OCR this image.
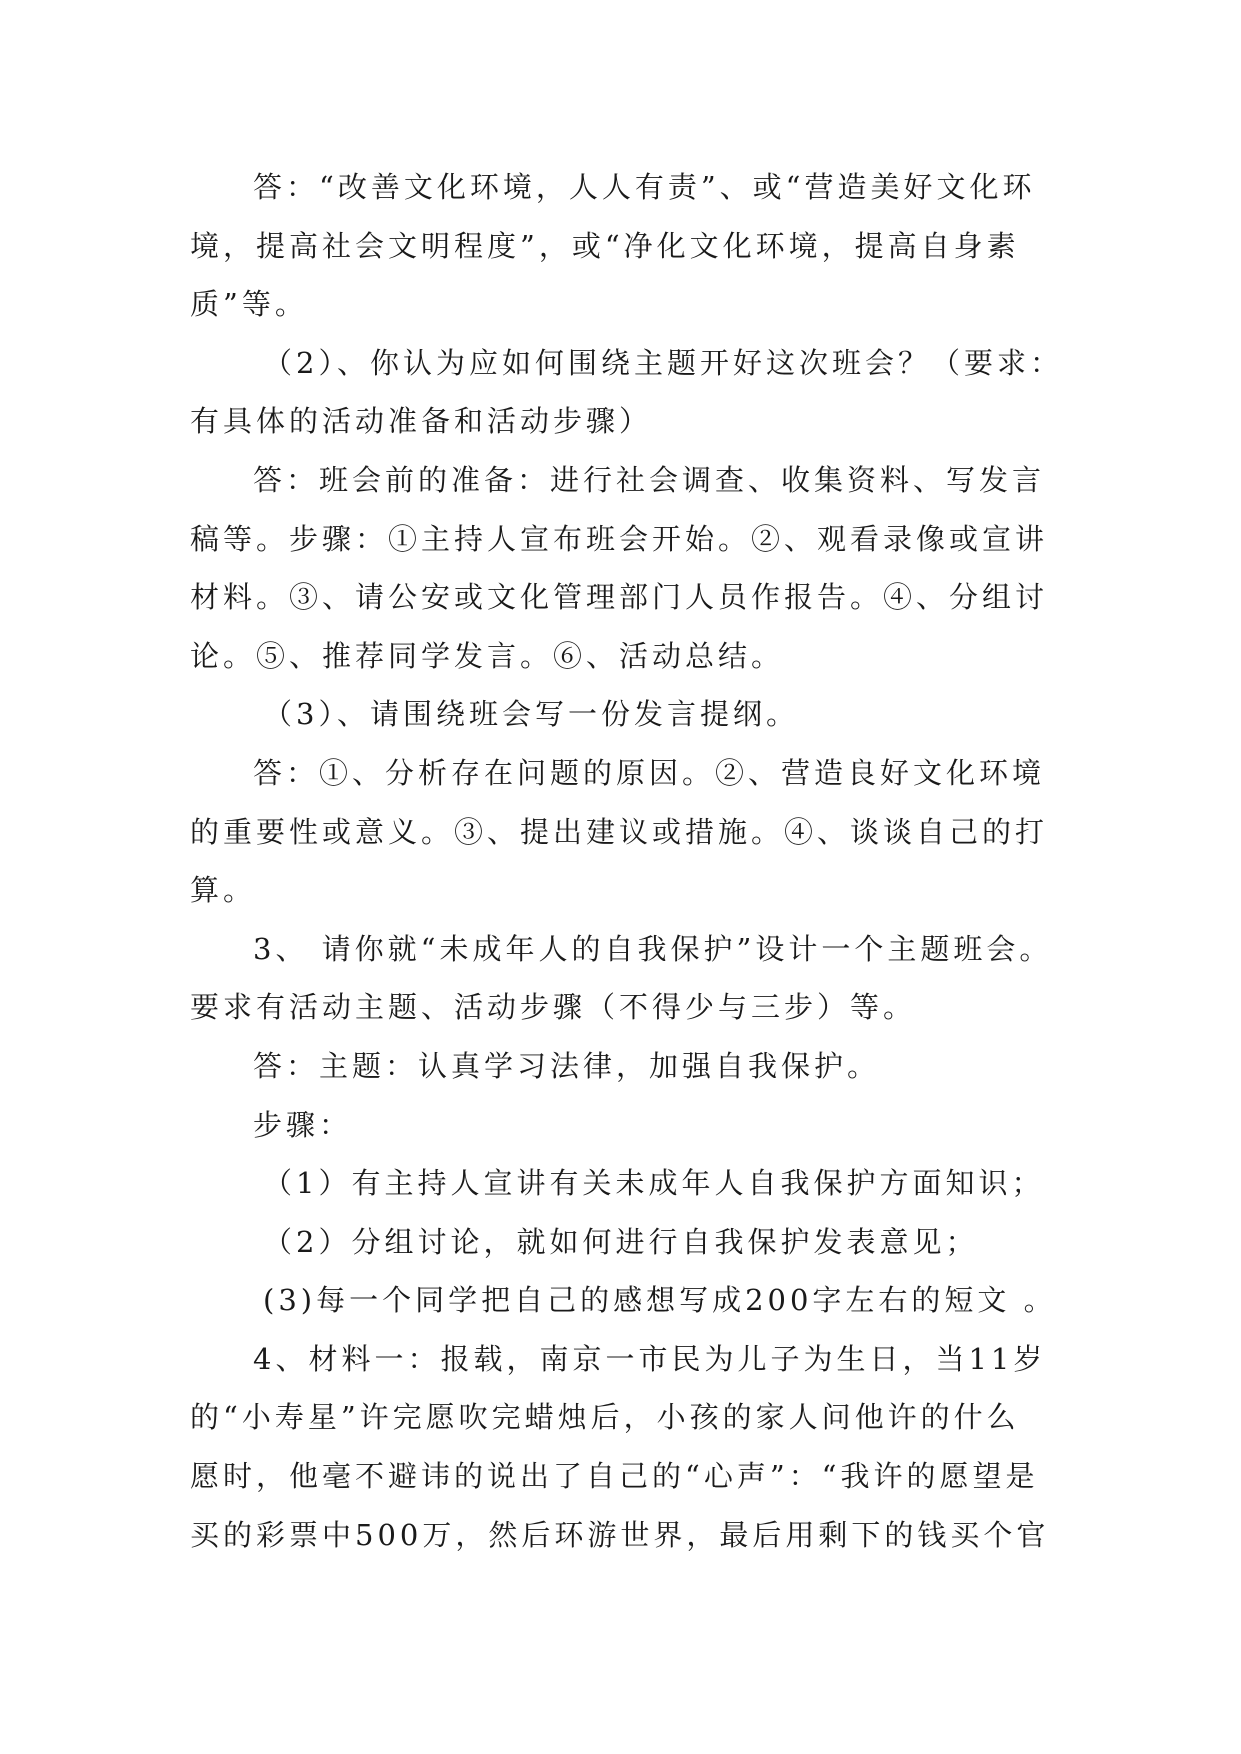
答：“改善文化环境，人人有责”、或“营造美好文化环
境，提高社会文明程度”，或“净化文化环境，提高自身素
质”等。
（2）、你认为应如何围绕主题开好这次班会？（要求：
有具体的活动准备和活动步骤）
答：班会前的准备：进行社会调查、收集资料、写发言
稿等。步骤：①主持人宣布班会开始。②、观看录像或宣讲
材料。③、请公安或文化管理部门人员作报告。④、分组讨
论。⑤、推荐同学发言。⑥、活动总结。
（3）、请围绕班会写一份发言提纲。
答：①、分析存在问题的原因。②、营造良好文化环境
的重要性或意义。③、提出建议或措施。④、谈谈自己的打
算。
3、 请你就“未成年人的自我保护”设计一个主题班会。
要求有活动主题、活动步骤（不得少与三步）等。
答：主题：认真学习法律，加强自我保护。
步骤：
（1）有主持人宣讲有关未成年人自我保护方面知识；
（2）分组讨论，就如何进行自我保护发表意见；
(3)每一个同学把自己的感想写成200字左右的短文 。
4、材料一：报载，南京一市民为儿子为生日，当11岁
的“小寿星”许完愿吹完蜡烛后，小孩的家人问他许的什么
愿时，他毫不避讳的说出了自己的“心声”：“我许的愿望是
买的彩票中500万，然后环游世界，最后用剩下的钱买个官
